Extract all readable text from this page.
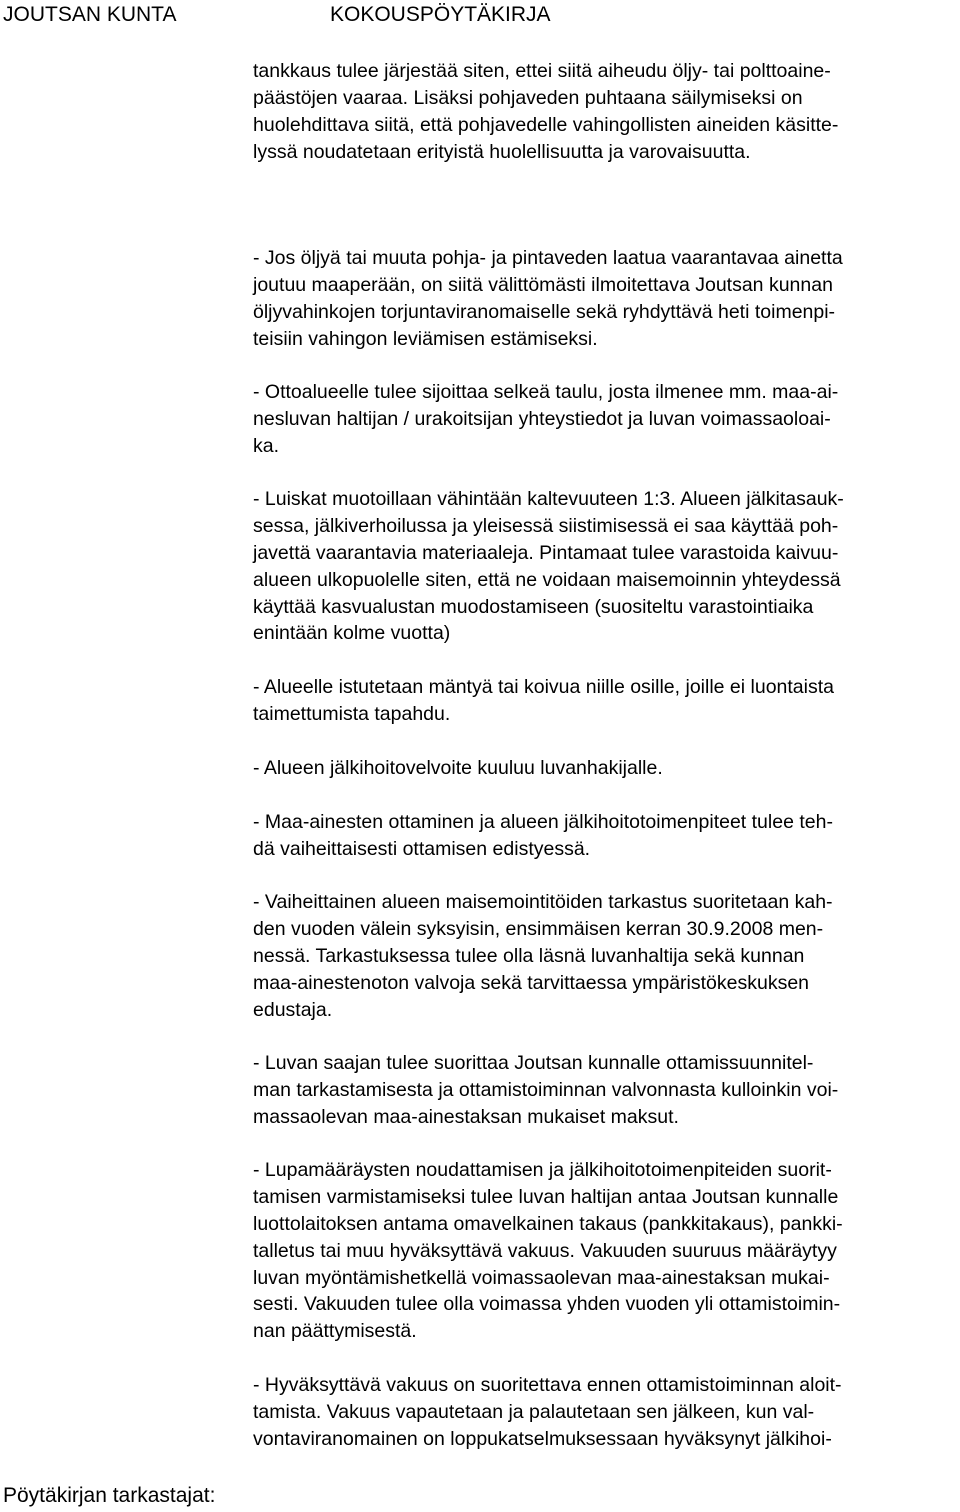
JOUTSAN KUNTA	KOKOUSPÖYTÄKIRJA
tankkaus tulee järjestää siten, ettei siitä aiheudu öljy- tai polttoaine-
päästöjen vaaraa. Lisäksi pohjaveden puhtaana säilymiseksi on
huolehdittava siitä, että pohjavedelle vahingollisten aineiden käsitte-
lyssä noudatetaan erityistä huolellisuutta ja varovaisuutta.
- Jos öljyä tai muuta pohja- ja pintaveden laatua vaarantavaa ainetta
joutuu maaperään, on siitä välittömästi ilmoitettava Joutsan kunnan
öljyvahinkojen torjuntaviranomaiselle sekä ryhdyttävä heti toimenpi-
teisiin vahingon leviämisen estämiseksi.
- Ottoalueelle tulee sijoittaa selkeä taulu, josta ilmenee mm. maa-ai-
nesluvan haltijan / urakoitsijan yhteystiedot ja luvan voimassaoloai-
ka.
- Luiskat muotoillaan vähintään kaltevuuteen 1:3. Alueen jälkitasauk-
sessa, jälkiverhoilussa ja yleisessä siistimisessä ei saa käyttää poh-
javettä vaarantavia materiaaleja. Pintamaat tulee varastoida kaivuu-
alueen ulkopuolelle siten, että ne voidaan maisemoinnin yhteydessä
käyttää kasvualustan muodostamiseen (suositeltu varastointiaika
enintään kolme vuotta)
- Alueelle istutetaan mäntyä tai koivua niille osille, joille ei luontaista
taimettumista tapahdu.
- Alueen jälkihoitovelvoite kuuluu luvanhakijalle.
- Maa-ainesten ottaminen ja alueen jälkihoitotoimenpiteet tulee teh-
dä vaiheittaisesti ottamisen edistyessä.
- Vaiheittainen alueen maisemointitöiden tarkastus suoritetaan kah-
den vuoden välein syksyisin, ensimmäisen kerran 30.9.2008 men-
nessä. Tarkastuksessa tulee olla läsnä luvanhaltija sekä kunnan
maa-ainestenoton valvoja sekä tarvittaessa ympäristökeskuksen
edustaja.
- Luvan saajan tulee suorittaa Joutsan kunnalle ottamissuunnitel-
man tarkastamisesta ja ottamistoiminnan valvonnasta kulloinkin voi-
massaolevan maa-ainestaksan mukaiset maksut.
- Lupamääräysten noudattamisen ja jälkihoitotoimenpiteiden suorit-
tamisen varmistamiseksi tulee luvan haltijan antaa Joutsan kunnalle
luottolaitoksen antama omavelkainen takaus (pankkitakaus), pankki-
talletus tai muu hyväksyttävä vakuus. Vakuuden suuruus määräytyy
luvan myöntämishetkellä voimassaolevan maa-ainestaksan mukai-
sesti. Vakuuden tulee olla voimassa yhden vuoden yli ottamistoimin-
nan päättymisestä.
- Hyväksyttävä vakuus on suoritettava ennen ottamistoiminnan aloit-
tamista. Vakuus vapautetaan ja palautetaan sen jälkeen, kun val-
vontaviranomainen on loppukatselmuksessaan hyväksynyt jälkihoi-
Pöytäkirjan tarkastajat:
